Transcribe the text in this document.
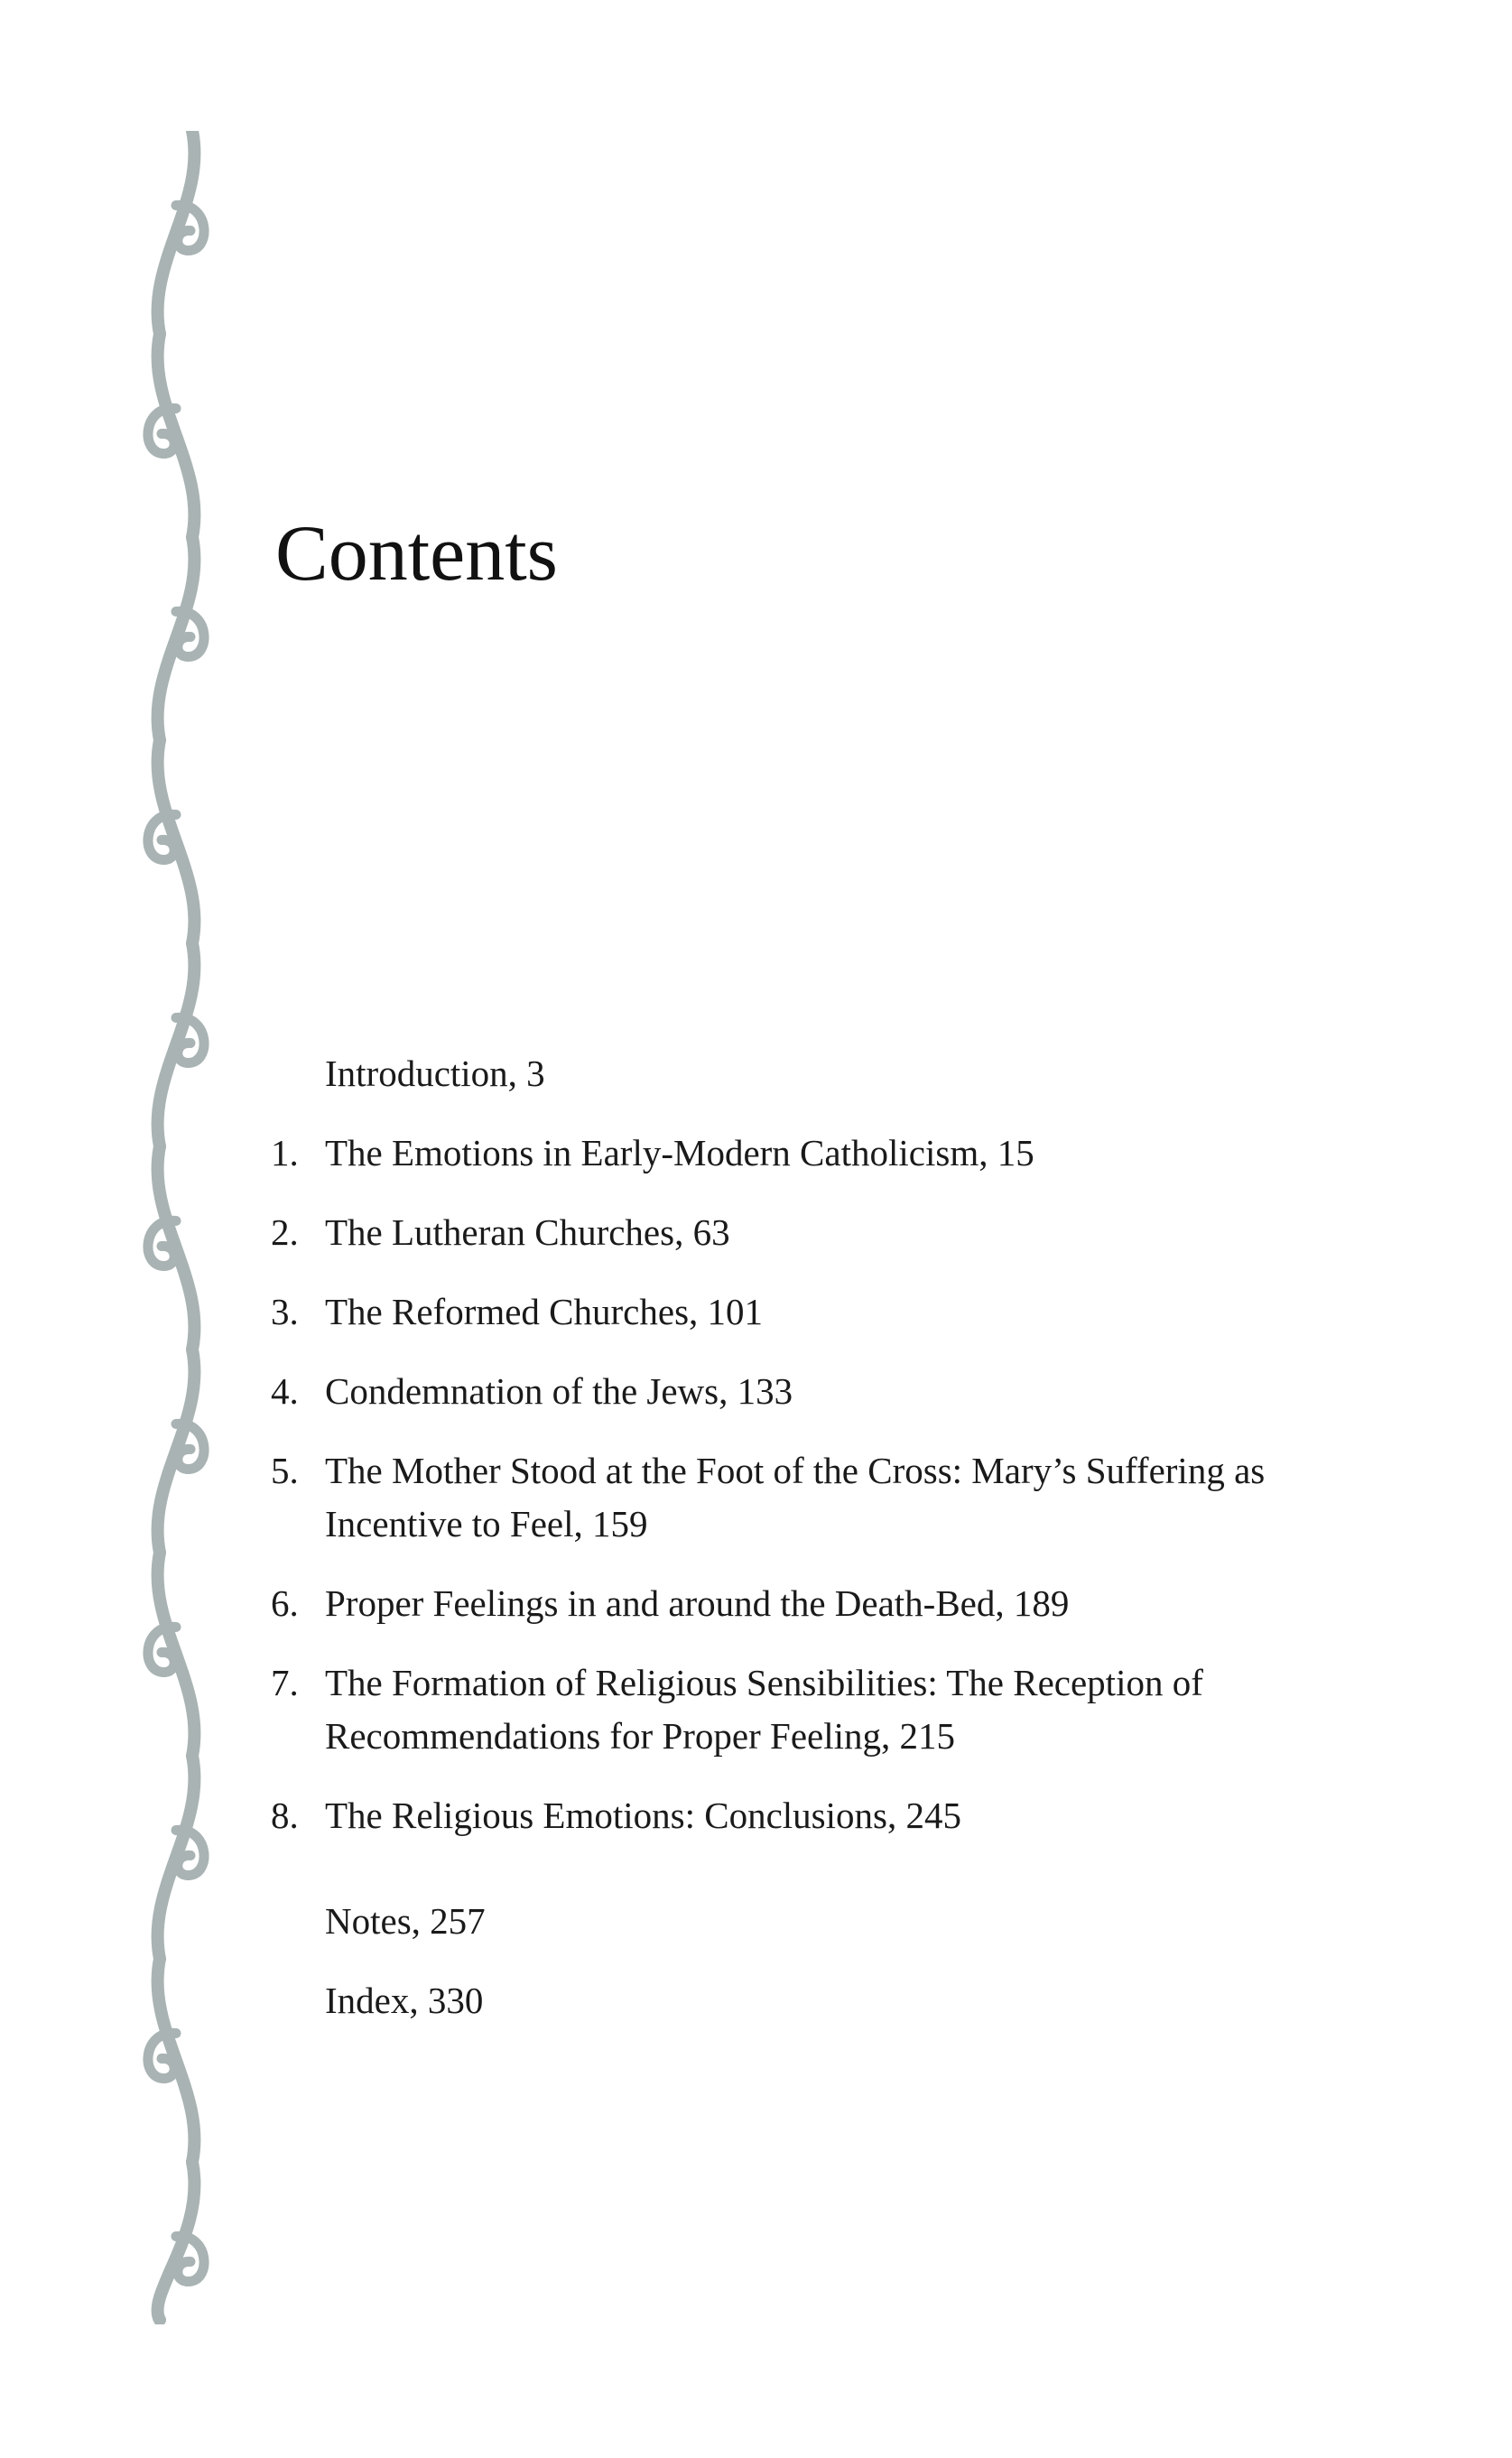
Contents
Introduction, 3
1. The Emotions in Early-Modern Catholicism, 15
2. The Lutheran Churches, 63
3. The Reformed Churches, 101
4. Condemnation of the Jews, 133
5. The Mother Stood at the Foot of the Cross: Mary’s Suffering as Incentive to Feel, 159
6. Proper Feelings in and around the Death-Bed, 189
7. The Formation of Religious Sensibilities: The Reception of Recommendations for Proper Feeling, 215
8. The Religious Emotions: Conclusions, 245
Notes, 257
Index, 330
